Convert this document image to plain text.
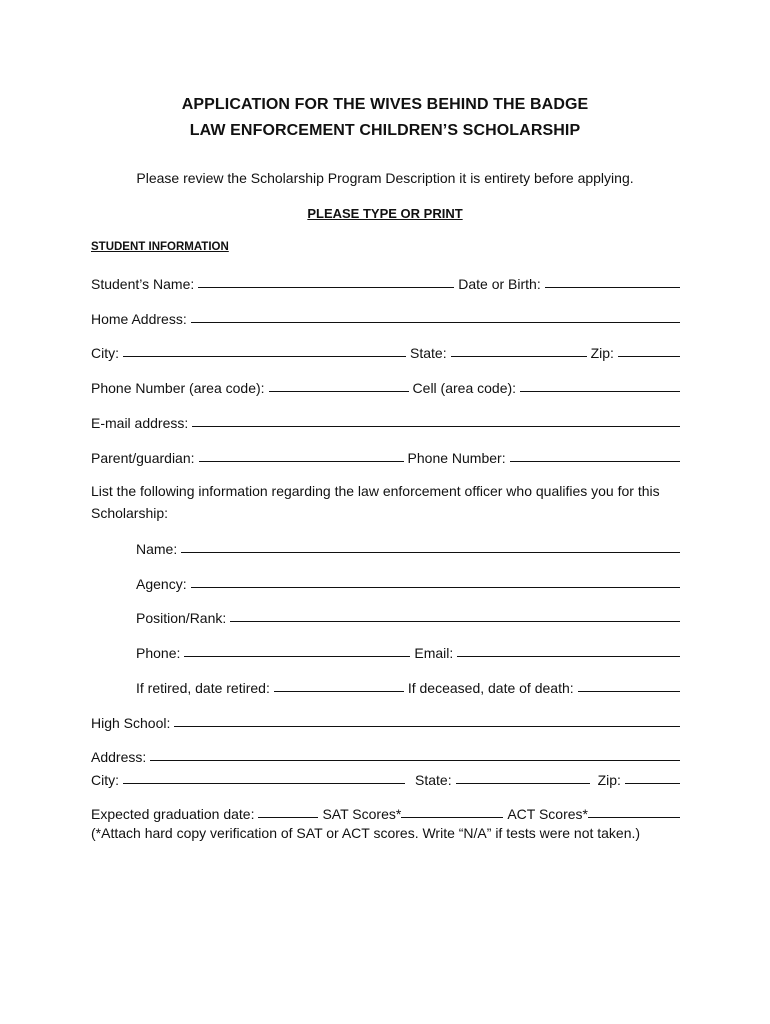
APPLICATION FOR THE WIVES BEHIND THE BADGE
LAW ENFORCEMENT CHILDREN’S SCHOLARSHIP
Please review the Scholarship Program Description it is entirety before applying.
PLEASE TYPE OR PRINT
STUDENT INFORMATION
Student’s Name:	Date or Birth:
Home Address:
City:	State:	Zip:
Phone Number (area code):	Cell (area code):
E-mail address:
Parent/guardian:	Phone Number:
List the following information regarding the law enforcement officer who qualifies you for this
Scholarship:
Name:
Agency:
Position/Rank:
Phone:	Email:
If retired, date retired:	If deceased, date of death:
High School:
Address:
City:	State:	Zip:
Expected graduation date:	SAT Scores*	ACT Scores*
(*Attach hard copy verification of SAT or ACT scores. Write “N/A” if tests were not taken.)
